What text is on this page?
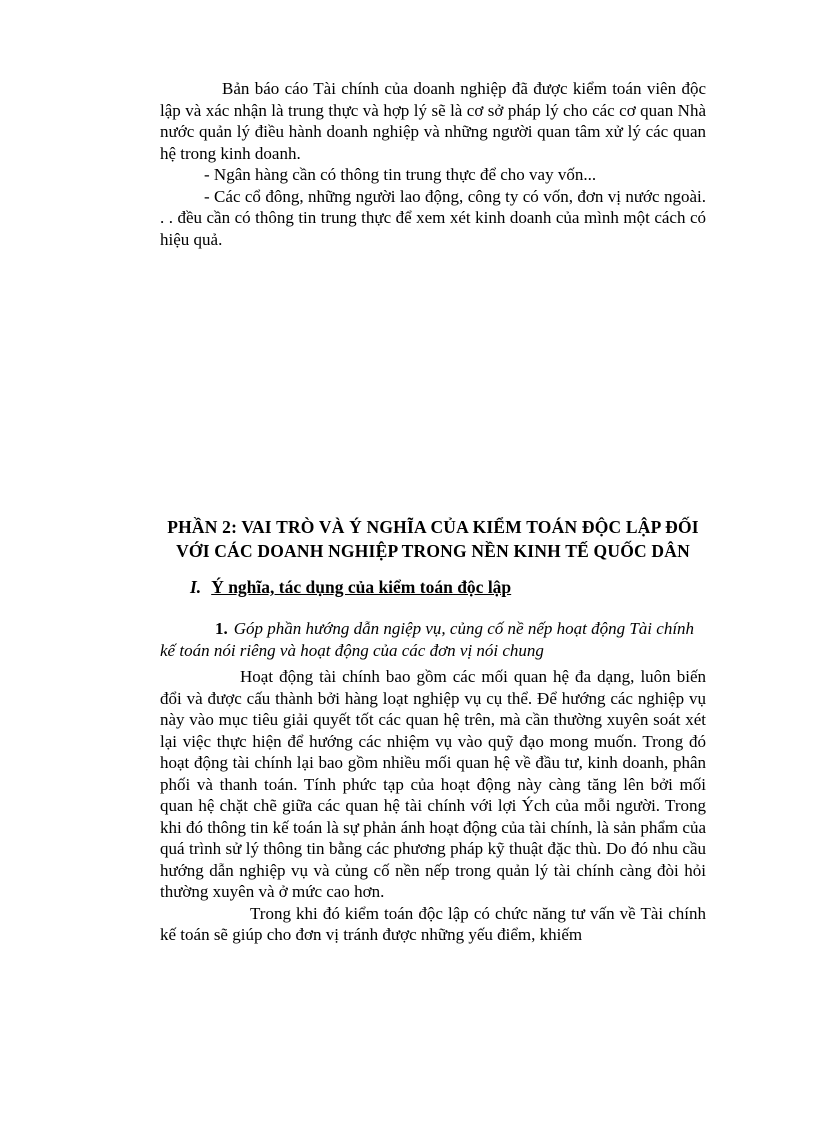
Bản báo cáo Tài chính của doanh nghiệp đã được kiểm toán viên độc lập và xác nhận là trung thực và hợp lý sẽ là cơ sở pháp lý cho các cơ quan Nhà nước quản lý điều hành doanh nghiệp và những người quan tâm xử lý các quan hệ trong kinh doanh.

- Ngân hàng cần có thông tin trung thực để cho vay vốn...

- Các cổ đông, những người lao động, công ty có vốn, đơn vị nước ngoài. . . đều cần có thông tin trung thực để xem xét kinh doanh của mình một cách có hiệu quả.

PHẦN 2: VAI TRÒ VÀ Ý NGHĨA CỦA KIỂM TOÁN ĐỘC LẬP ĐỐI VỚI CÁC DOANH NGHIỆP TRONG NỀN KINH TẾ QUỐC DÂN
I. Ý nghĩa, tác dụng của kiểm toán độc lập
1. Góp phần hướng dẫn ngiệp vụ, củng cố nề nếp hoạt động Tài chính kế toán nói riêng và hoạt động của các đơn vị nói chung

Hoạt động tài chính bao gồm các mối quan hệ đa dạng, luôn biến đổi và được cấu thành bởi hàng loạt nghiệp vụ cụ thể. Để hướng các nghiệp vụ này vào mục tiêu giải quyết tốt các quan hệ trên, mà cần thường xuyên soát xét lại việc thực hiện để hướng các nhiệm vụ vào quỹ đạo mong muốn. Trong đó hoạt động tài chính lại bao gồm nhiều mối quan hệ về đầu tư, kinh doanh, phân phối và thanh toán. Tính phức tạp của hoạt động này càng tăng lên bởi mối quan hệ chặt chẽ giữa các quan hệ tài chính với lợi Ých của mỗi người. Trong khi đó thông tin kế toán là sự phản ánh hoạt động của tài chính, là sản phẩm của quá trình sử lý thông tin bằng các phương pháp kỹ thuật đặc thù. Do đó nhu cầu hướng dẫn nghiệp vụ và củng cố nền nếp trong quản lý tài chính càng đòi hỏi thường xuyên và ở mức cao hơn.

Trong khi đó kiểm toán độc lập có chức năng tư vấn về Tài chính kế toán sẽ giúp cho đơn vị tránh được những yếu điểm, khiếm
